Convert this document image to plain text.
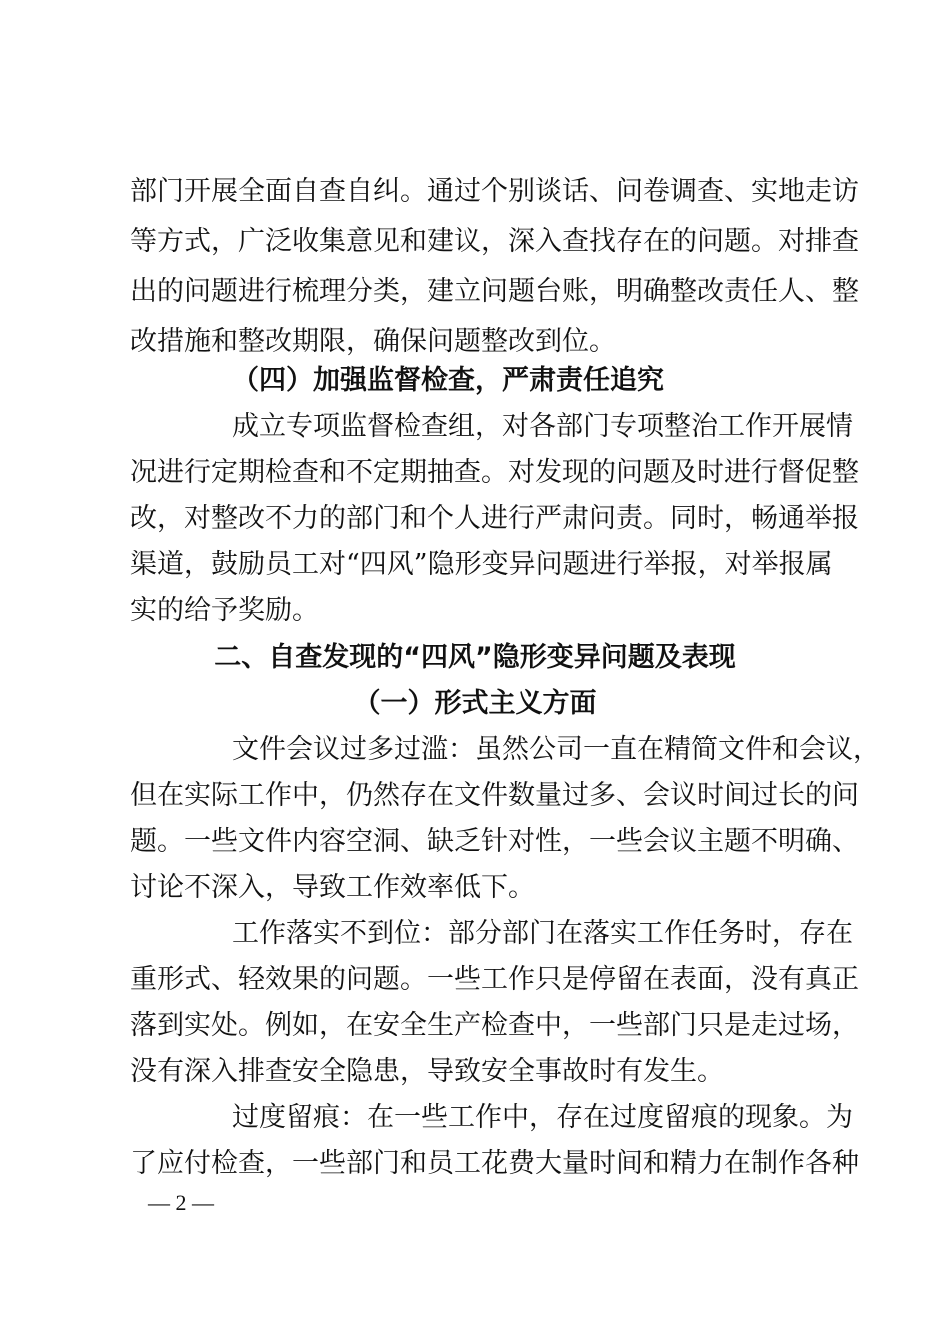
部门开展全面自查自纠。通过个别谈话、问卷调查、实地走访
等方式，广泛收集意见和建议，深入查找存在的问题。对排查
出的问题进行梳理分类，建立问题台账，明确整改责任人、整
改措施和整改期限，确保问题整改到位。
（四）加强监督检查，严肃责任追究
成立专项监督检查组，对各部门专项整治工作开展情
况进行定期检查和不定期抽查。对发现的问题及时进行督促整
改，对整改不力的部门和个人进行严肃问责。同时，畅通举报
渠道，鼓励员工对“四风”隐形变异问题进行举报，对举报属
实的给予奖励。
二、自查发现的“四风”隐形变异问题及表现
（一）形式主义方面
文件会议过多过滥：虽然公司一直在精简文件和会议，
但在实际工作中，仍然存在文件数量过多、会议时间过长的问
题。一些文件内容空洞、缺乏针对性，一些会议主题不明确、
讨论不深入，导致工作效率低下。
工作落实不到位：部分部门在落实工作任务时，存在
重形式、轻效果的问题。一些工作只是停留在表面，没有真正
落到实处。例如，在安全生产检查中，一些部门只是走过场，
没有深入排查安全隐患，导致安全事故时有发生。
过度留痕：在一些工作中，存在过度留痕的现象。为
了应付检查，一些部门和员工花费大量时间和精力在制作各种
— 2 —
